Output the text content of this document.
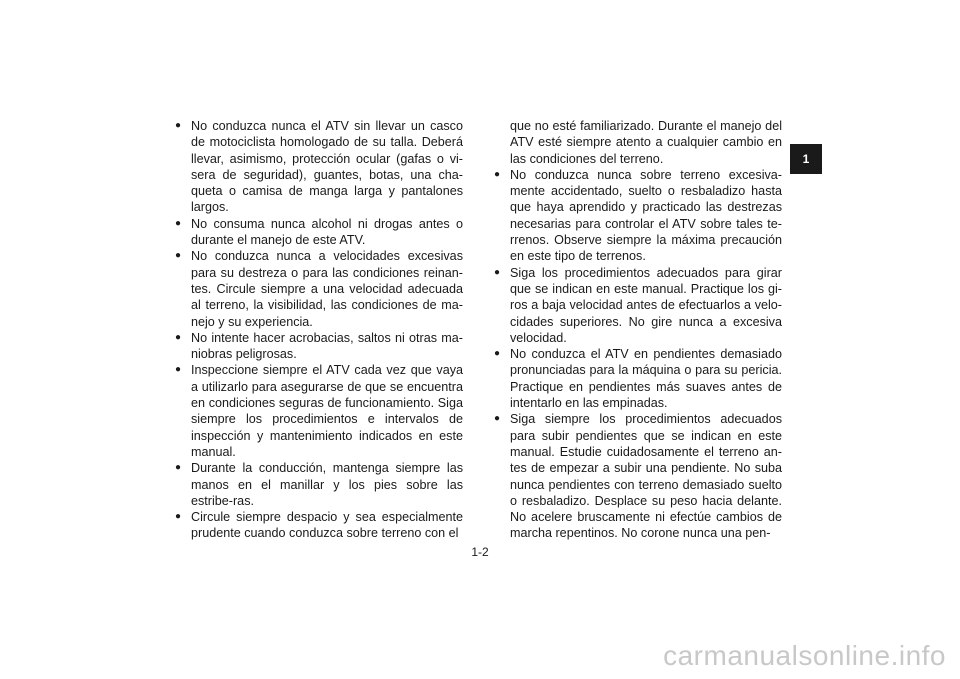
1
● No conduzca nunca el ATV sin llevar un casco de motociclista homologado de su talla. Deberá llevar, asimismo, protección ocular (gafas o vi-sera de seguridad), guantes, botas, una cha-queta o camisa de manga larga y pantalones largos.
● No consuma nunca alcohol ni drogas antes o durante el manejo de este ATV.
● No conduzca nunca a velocidades excesivas para su destreza o para las condiciones reinan-tes. Circule siempre a una velocidad adecuada al terreno, la visibilidad, las condiciones de ma-nejo y su experiencia.
● No intente hacer acrobacias, saltos ni otras ma-niobras peligrosas.
● Inspeccione siempre el ATV cada vez que vaya a utilizarlo para asegurarse de que se encuentra en condiciones seguras de funcionamiento. Siga siempre los procedimientos e intervalos de inspección y mantenimiento indicados en este manual.
● Durante la conducción, mantenga siempre las manos en el manillar y los pies sobre las estribe-ras.
● Circule siempre despacio y sea especialmente prudente cuando conduzca sobre terreno con el
que no esté familiarizado. Durante el manejo del ATV esté siempre atento a cualquier cambio en las condiciones del terreno.
● No conduzca nunca sobre terreno excesiva-mente accidentado, suelto o resbaladizo hasta que haya aprendido y practicado las destrezas necesarias para controlar el ATV sobre tales te-rrenos. Observe siempre la máxima precaución en este tipo de terrenos.
● Siga los procedimientos adecuados para girar que se indican en este manual. Practique los gi-ros a baja velocidad antes de efectuarlos a velo-cidades superiores. No gire nunca a excesiva velocidad.
● No conduzca el ATV en pendientes demasiado pronunciadas para la máquina o para su pericia. Practique en pendientes más suaves antes de intentarlo en las empinadas.
● Siga siempre los procedimientos adecuados para subir pendientes que se indican en este manual. Estudie cuidadosamente el terreno an-tes de empezar a subir una pendiente. No suba nunca pendientes con terreno demasiado suelto o resbaladizo. Desplace su peso hacia delante. No acelere bruscamente ni efectúe cambios de marcha repentinos. No corone nunca una pen-
1-2
carmanualsonline.info
